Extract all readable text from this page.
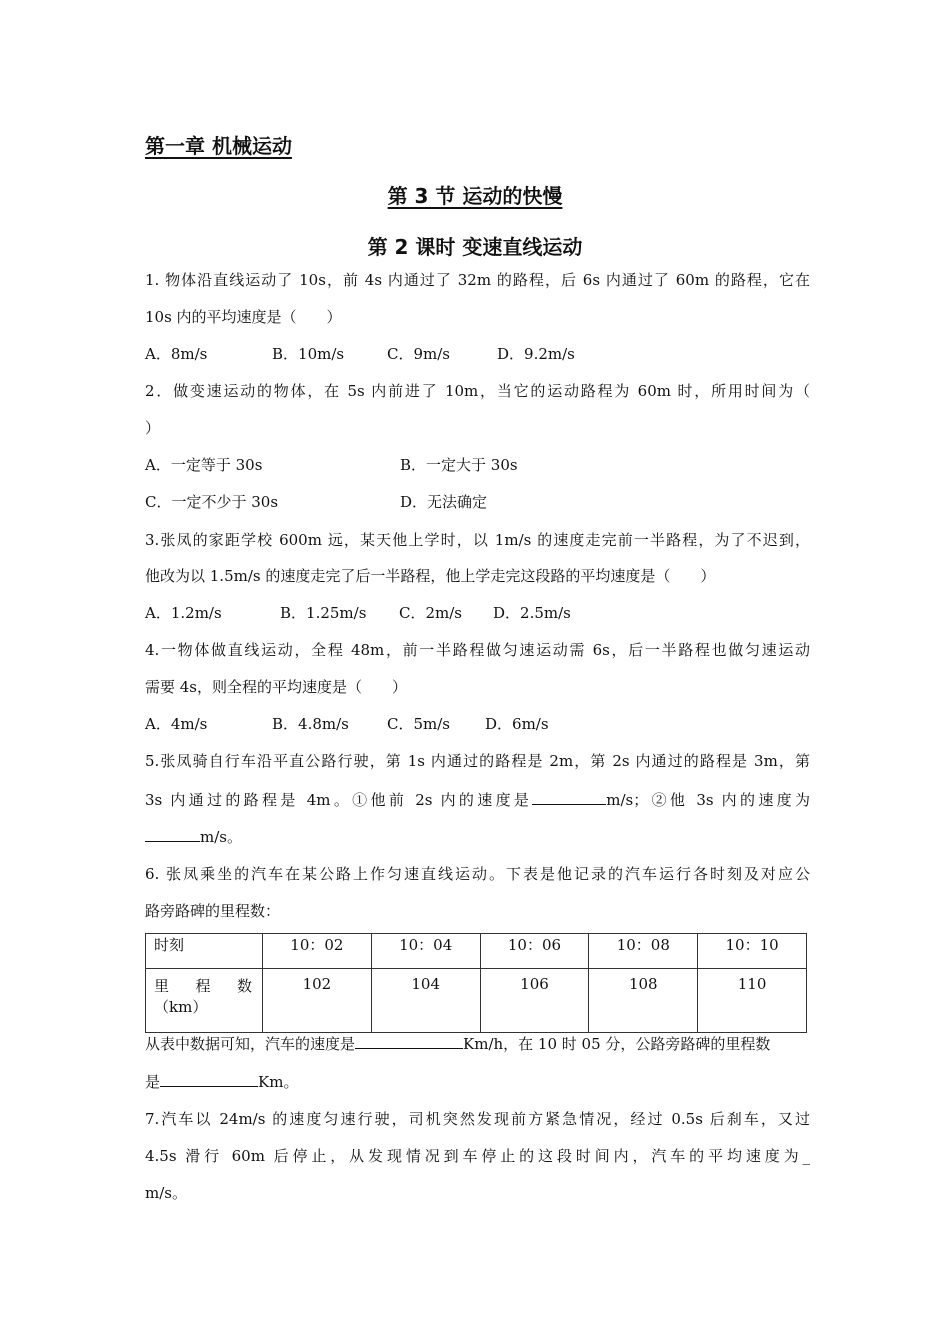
第一章 机械运动
第 3 节 运动的快慢
第 2 课时 变速直线运动
1. 物体沿直线运动了 10s，前 4s 内通过了 32m 的路程，后 6s 内通过了 60m 的路程，它在
10s 内的平均速度是（　　）
A．8m/s	B．10m/s	C．9m/s	D．9.2m/s
2．做变速运动的物体，在 5s 内前进了 10m，当它的运动路程为 60m 时，所用时间为（
）
A．一定等于 30s	B．一定大于 30s
C．一定不少于 30s	D．无法确定
3.张凤的家距学校 600m 远，某天他上学时，以 1m/s 的速度走完前一半路程，为了不迟到，
他改为以 1.5m/s 的速度走完了后一半路程，他上学走完这段路的平均速度是（　　）
A．1.2m/s	B．1.25m/s C．2m/s D．2.5m/s
4.一物体做直线运动，全程 48m，前一半路程做匀速运动需 6s，后一半路程也做匀速运动
需要 4s，则全程的平均速度是（　　）
A．4m/s	B．4.8m/s	C．5m/s D．6m/s
5.张凤骑自行车沿平直公路行驶，第 1s 内通过的路程是 2m，第 2s 内通过的路程是 3m，第
3s 内通过的路程是 4m。①他前 2s 内的速度是	m/s；②他 3s 内的速度为
m/s。
6. 张凤乘坐的汽车在某公路上作匀速直线运动。下表是他记录的汽车运行各时刻及对应公
路旁路碑的里程数：
时刻	10：02	10：04	10：06	10：08	10：10

里　程　数
（km）	102	104	106	108	110
从表中数据可知，汽车的速度是	Km/h，在 10 时 05 分，公路旁路碑的里程数
是	Km。
7.汽车以 24m/s 的速度匀速行驶，司机突然发现前方紧急情况，经过 0.5s 后刹车，又过
4.5s 滑行 60m 后停止，从发现情况到车停止的这段时间内，汽车的平均速度为_
m/s。
